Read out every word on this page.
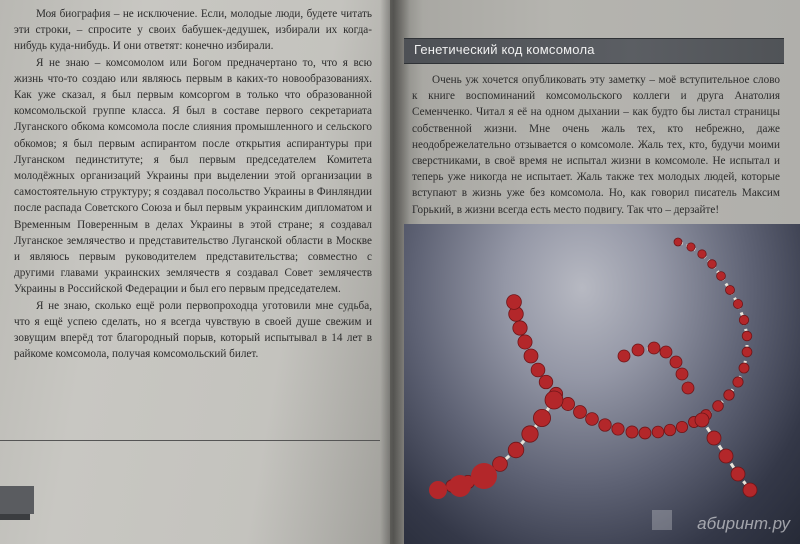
Моя биография – не исключение. Если, молодые люди, будете читать эти строки, – спросите у своих бабушек-дедушек, избирали их когда-нибудь куда-нибудь. И они ответят: конечно избирали.

Я не знаю – комсомолом или Богом предначертано то, что я всю жизнь что-то создаю или являюсь первым в каких-то новообразованиях. Как уже сказал, я был первым комсоргом в только что образованной комсомольской группе класса. Я был в составе первого секретариата Луганского обкома комсомола после слияния промышленного и сельского обкомов; я был первым аспирантом после открытия аспирантуры при Луганском пединституте; я был первым председателем Комитета молодёжных организаций Украины при выделении этой организации в самостоятельную структуру; я создавал посольство Украины в Финляндии после распада Советского Союза и был первым украинским дипломатом и Временным Поверенным в делах Украины в этой стране; я создавал Луганское землячество и представительство Луганской области в Москве и являюсь первым руководителем представительства; совместно с другими главами украинских землячеств я создавал Совет землячеств Украины в Российской Федерации и был его первым председателем.

Я не знаю, сколько ещё роли первопроходца уготовили мне судьба, что я ещё успею сделать, но я всегда чувствую в своей душе свежим и зовущим вперёд тот благородный порыв, который испытывал в 14 лет в райкоме комсомола, получая комсомольский билет.

Генетический код комсомола

Очень уж хочется опубликовать эту заметку – моё вступительное слово к книге воспоминаний комсомольского коллеги и друга Анатолия Семенченко. Читал я её на одном дыхании – как будто бы листал страницы собственной жизни. Мне очень жаль тех, кто небрежно, даже неодобрежелательно отзывается о комсомоле. Жаль тех, кто, будучи моими сверстниками, в своё время не испытал жизни в комсомоле. Не испытал и теперь уже никогда не испытает. Жаль также тех молодых людей, которые вступают в жизнь уже без комсомола. Но, как говорил писатель Максим Горький, в жизни всегда есть место подвигу. Так что – дерзайте!

абиринт.ру
